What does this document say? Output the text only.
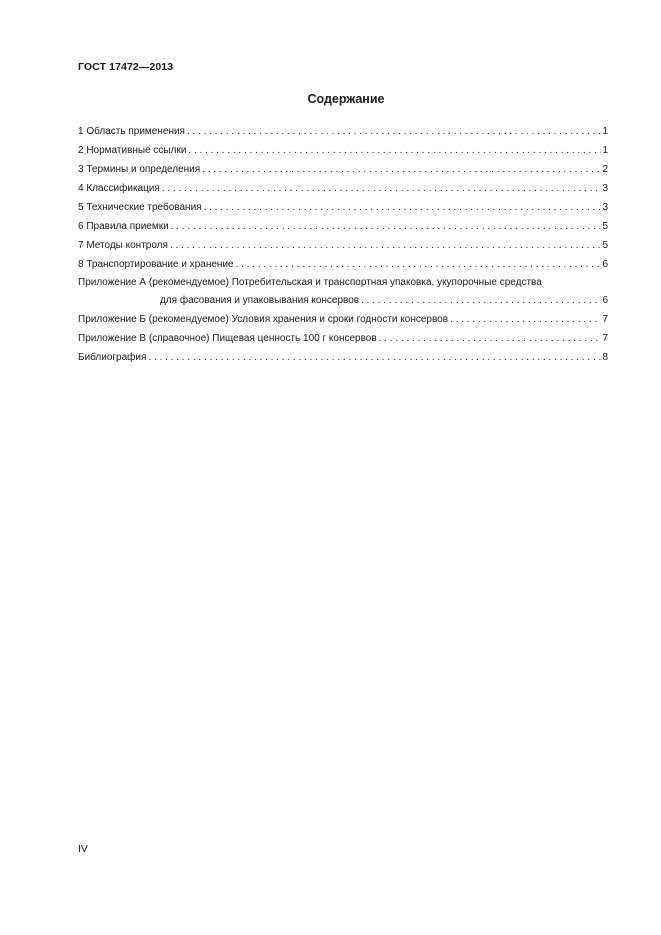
ГОСТ 17472—2013
Содержание
1 Область применения . . .	1
2 Нормативные ссылки . . .	1
3 Термины и определения . . .	2
4 Классификация . . .	3
5 Технические требования . . .	3
6 Правила приемки . . .	5
7 Методы контроля . . .	5
8 Транспортирование и хранение . . .	6
Приложение А (рекомендуемое) Потребительская и транспортная упаковка, укупорочные средства
для фасования и упаковывания консервов . . .	6
Приложение Б (рекомендуемое) Условия хранения и сроки годности консервов . . .	7
Приложение В (справочное) Пищевая ценность 100 г консервов . . .	7
Библиография . . .	8
IV
